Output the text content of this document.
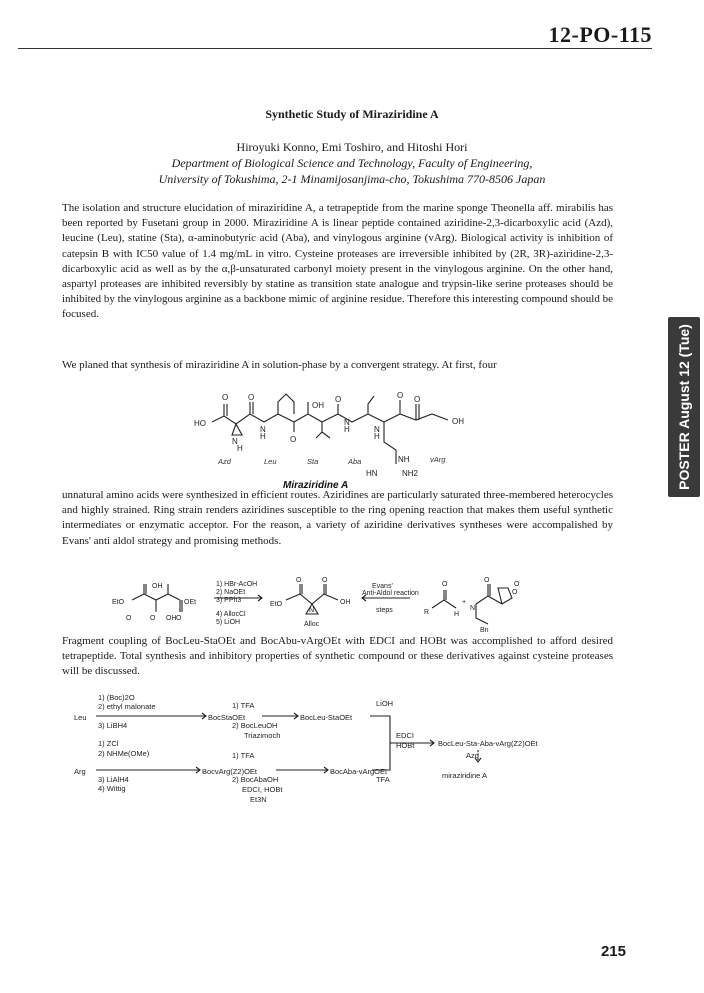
12-PO-115
Synthetic Study of Miraziridine A
Hiroyuki Konno, Emi Toshiro, and Hitoshi Hori
Department of Biological Science and Technology, Faculty of Engineering,
University of Tokushima, 2-1 Minamijosanjima-cho, Tokushima 770-8506 Japan

The isolation and structure elucidation of miraziridine A, a tetrapeptide from the marine sponge Theonella aff. mirabilis has been reported by Fusetani group in 2000. Miraziridine A is linear peptide contained aziridine-2,3-dicarboxylic acid (Azd), leucine (Leu), statine (Sta), α-aminobutyric acid (Aba), and vinylogous arginine (vArg). Biological activity is inhibition of catepsin B with IC50 value of 1.4 mg/mL in vitro. Cysteine proteases are irreversible inhibited by (2R, 3R)-aziridine-2,3-dicarboxylic acid as well as by the α,β-unsaturated carbonyl moiety present in the vinylogous arginine. On the other hand, aspartyl proteases are inhibited reversibly by statine as transition state analogue and trypsin-like serine proteases should be inhibited by the vinylogous arginine as a backbone mimic of arginine residue. Therefore this interesting compound should be focused.

We planed that synthesis of miraziridine A in solution-phase by a convergent strategy. At first, four

HO
N
H
N
H
OH
N
H	N
H
OH
NH
HN	NH2
O O
O
O	O O
Azd	Leu	Sta	Aba	vArg
Miraziridine A

unnatural amino acids were synthesized in efficient routes. Aziridines are particularly saturated three-membered heterocycles and highly strained. Ring strain renders aziridines susceptible to the ring opening reaction that makes them useful synthetic intermediates or enzymatic acceptor. For the reason, a variety of aziridine derivatives syntheses were accompalished by Evans' anti aldol strategy and promising methods.

EtO
OH
O
OEt
O	OH O
1) HBr-AcOH
2) NaOEt
3) PPh3
4) AllocCl
5) LiOH
EtO	OH
N
Alloc
O	O
Evans'
Anti-Aldol reaction
steps	R	H
O
+
N
O
Bn
O
O

Fragment coupling of BocLeu-StaOEt and BocAbu-vArgOEt with EDCI and HOBt was accomplished to afford desired tetrapeptide. Total synthesis and inhibitory properties of synthetic compound or these derivatives against cysteine proteases will be discussed.

Leu
Arg
1) (Boc)2O
2) ethyl malonate
3) LiBH4
BocStaOEt
1) TFA
2) BocLeuOH
Triazimoch
BocLeu-StaOEt
1) ZCl
2) NHMe(OMe)
3) LiAlH4
4) Wittig
BocvArg(Z2)OEt
1) TFA
2) BocAbaOH
EDCI, HOBt
Et3N
BocAba-vArgOEt
LiOH
TFA
EDCI
HOBt	BocLeu-Sta-Aba-vArg(Z2)OEt
Azd
miraziridine A
POSTER August 12 (Tue)
215
